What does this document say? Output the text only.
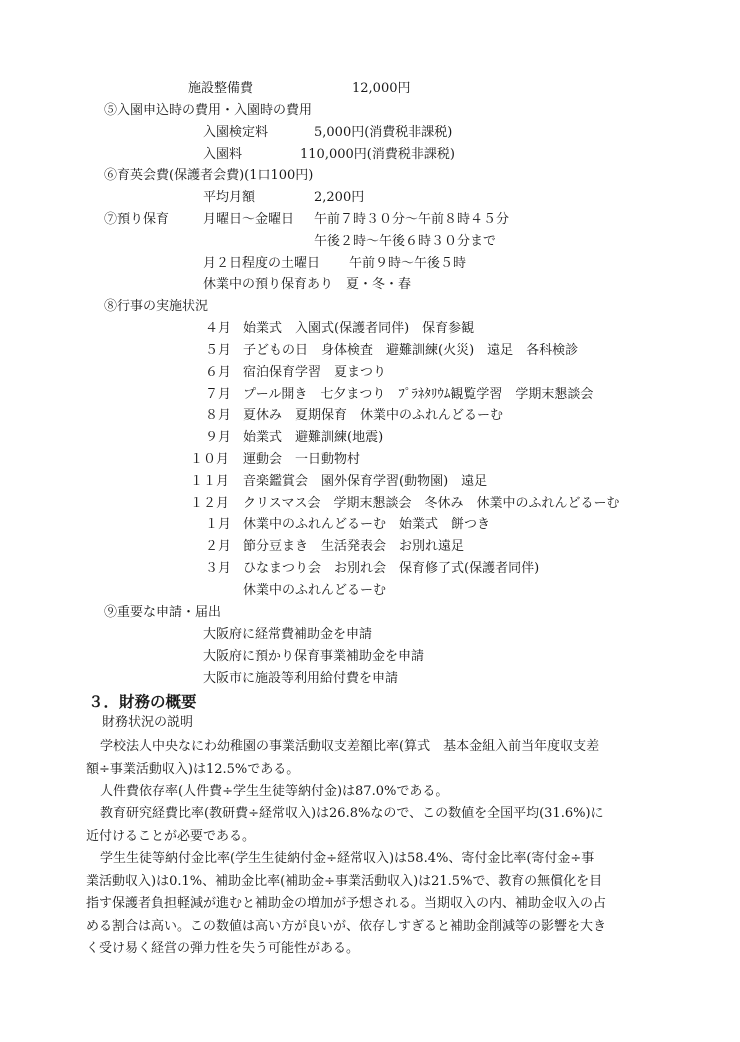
施設整備費	12,000円
⑤入園申込時の費用・入園時の費用
入園検定料	5,000円(消費税非課税)
入園料	110,000円(消費税非課税)
⑥育英会費(保護者会費)(1口100円)
平均月額	2,200円
⑦預り保育	月曜日～金曜日 午前７時３０分～午前８時４５分
午後２時～午後６時３０分まで
月２日程度の土曜日 午前９時～午後５時
休業中の預り保育あり　夏・冬・春
⑧行事の実施状況
４月 始業式　入園式(保護者同伴)　保育参観
５月 子どもの日　身体検査　避難訓練(火災)　遠足　各科検診
６月 宿泊保育学習　夏まつり
７月 プール開き　七夕まつり　ﾌﾟﾗﾈﾀﾘｳﾑ観覧学習　学期末懇談会
８月 夏休み　夏期保育　休業中のふれんどるーむ
９月 始業式　避難訓練(地震)
１０月 運動会　一日動物村
１１月 音楽鑑賞会　園外保育学習(動物園)　遠足
１２月 クリスマス会　学期末懇談会　冬休み　休業中のふれんどるーむ
１月 休業中のふれんどるーむ　始業式　餅つき
２月 節分豆まき　生活発表会　お別れ遠足
３月 ひなまつり会　お別れ会　保育修了式(保護者同伴)
休業中のふれんどるーむ
⑨重要な申請・届出
大阪府に経常費補助金を申請
大阪府に預かり保育事業補助金を申請
大阪市に施設等利用給付費を申請
３．財務の概要
財務状況の説明
学校法人中央なにわ幼稚園の事業活動収支差額比率(算式　基本金組入前当年度収支差
額÷事業活動収入)は12.5%である。
人件費依存率(人件費÷学生生徒等納付金)は87.0%である。
教育研究経費比率(教研費÷経常収入)は26.8%なので、この数値を全国平均(31.6%)に
近付けることが必要である。
学生生徒等納付金比率(学生生徒納付金÷経常収入)は58.4%、寄付金比率(寄付金÷事
業活動収入)は0.1%、補助金比率(補助金÷事業活動収入)は21.5%で、教育の無償化を目
指す保護者負担軽減が進むと補助金の増加が予想される。当期収入の内、補助金収入の占
める割合は高い。この数値は高い方が良いが、依存しすぎると補助金削減等の影響を大き
く受け易く経営の弾力性を失う可能性がある。
